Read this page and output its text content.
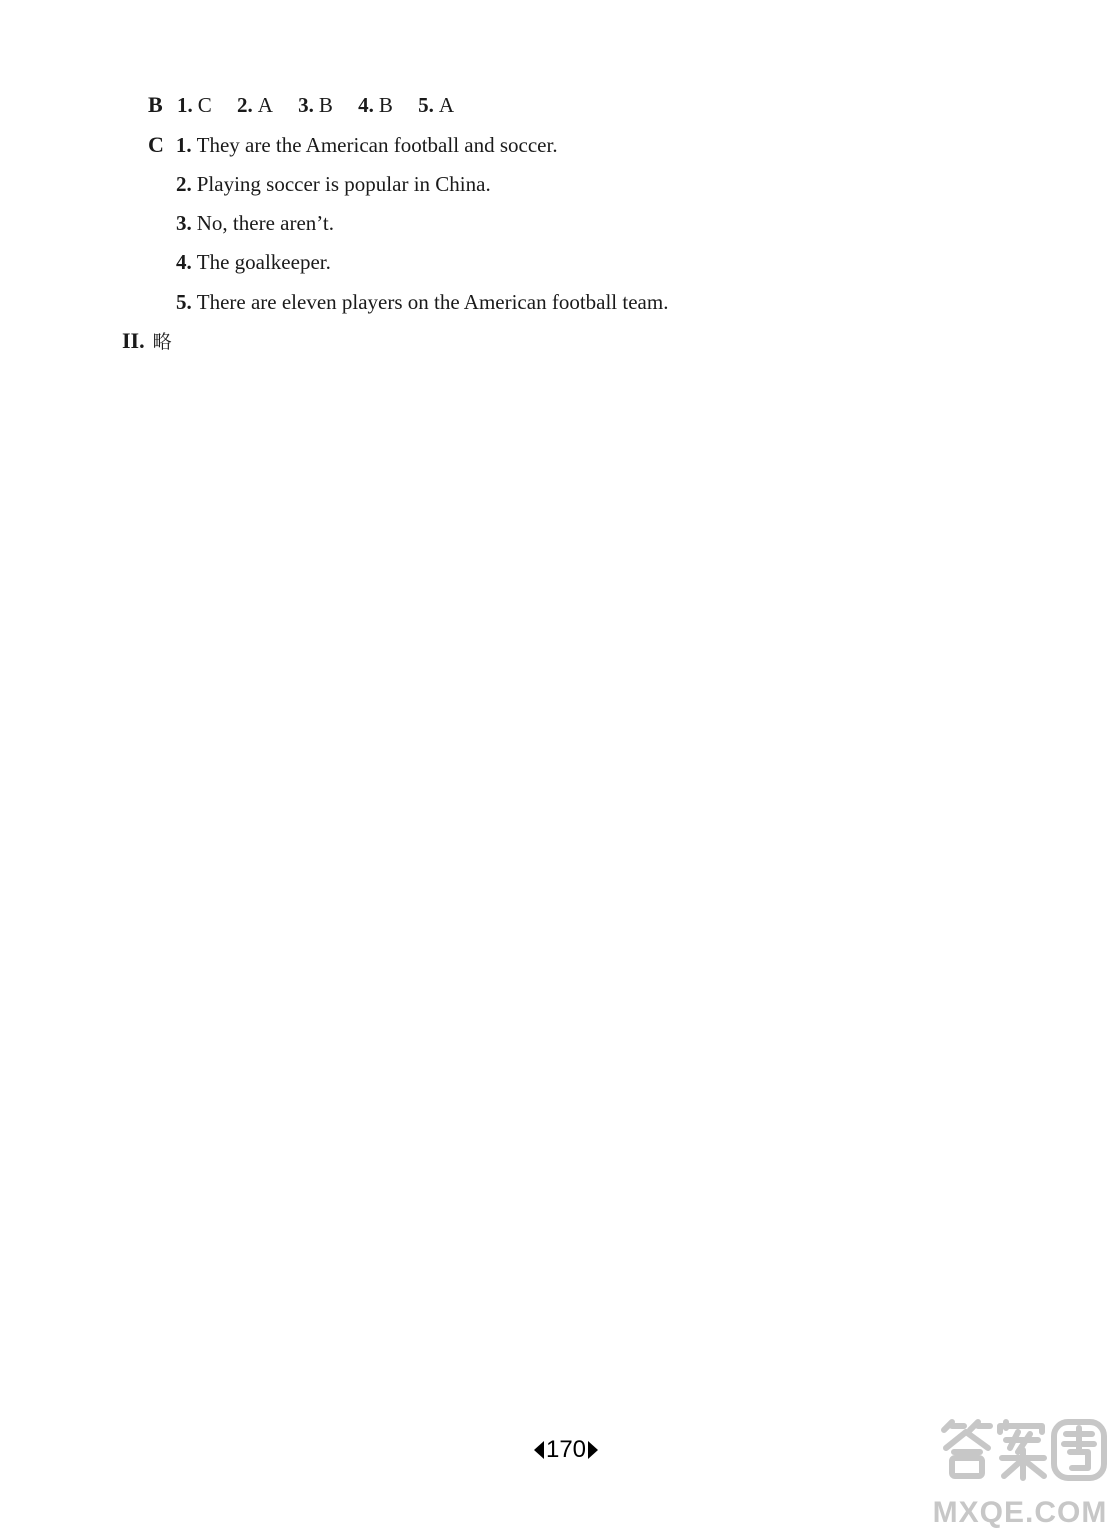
B 1. C 2. A 3. B 4. B 5. A
C 1. They are the American football and soccer.
2. Playing soccer is popular in China.
3. No, there aren’t.
4. The goalkeeper.
5. There are eleven players on the American football team.
II. 略
170
MXQE.COM
